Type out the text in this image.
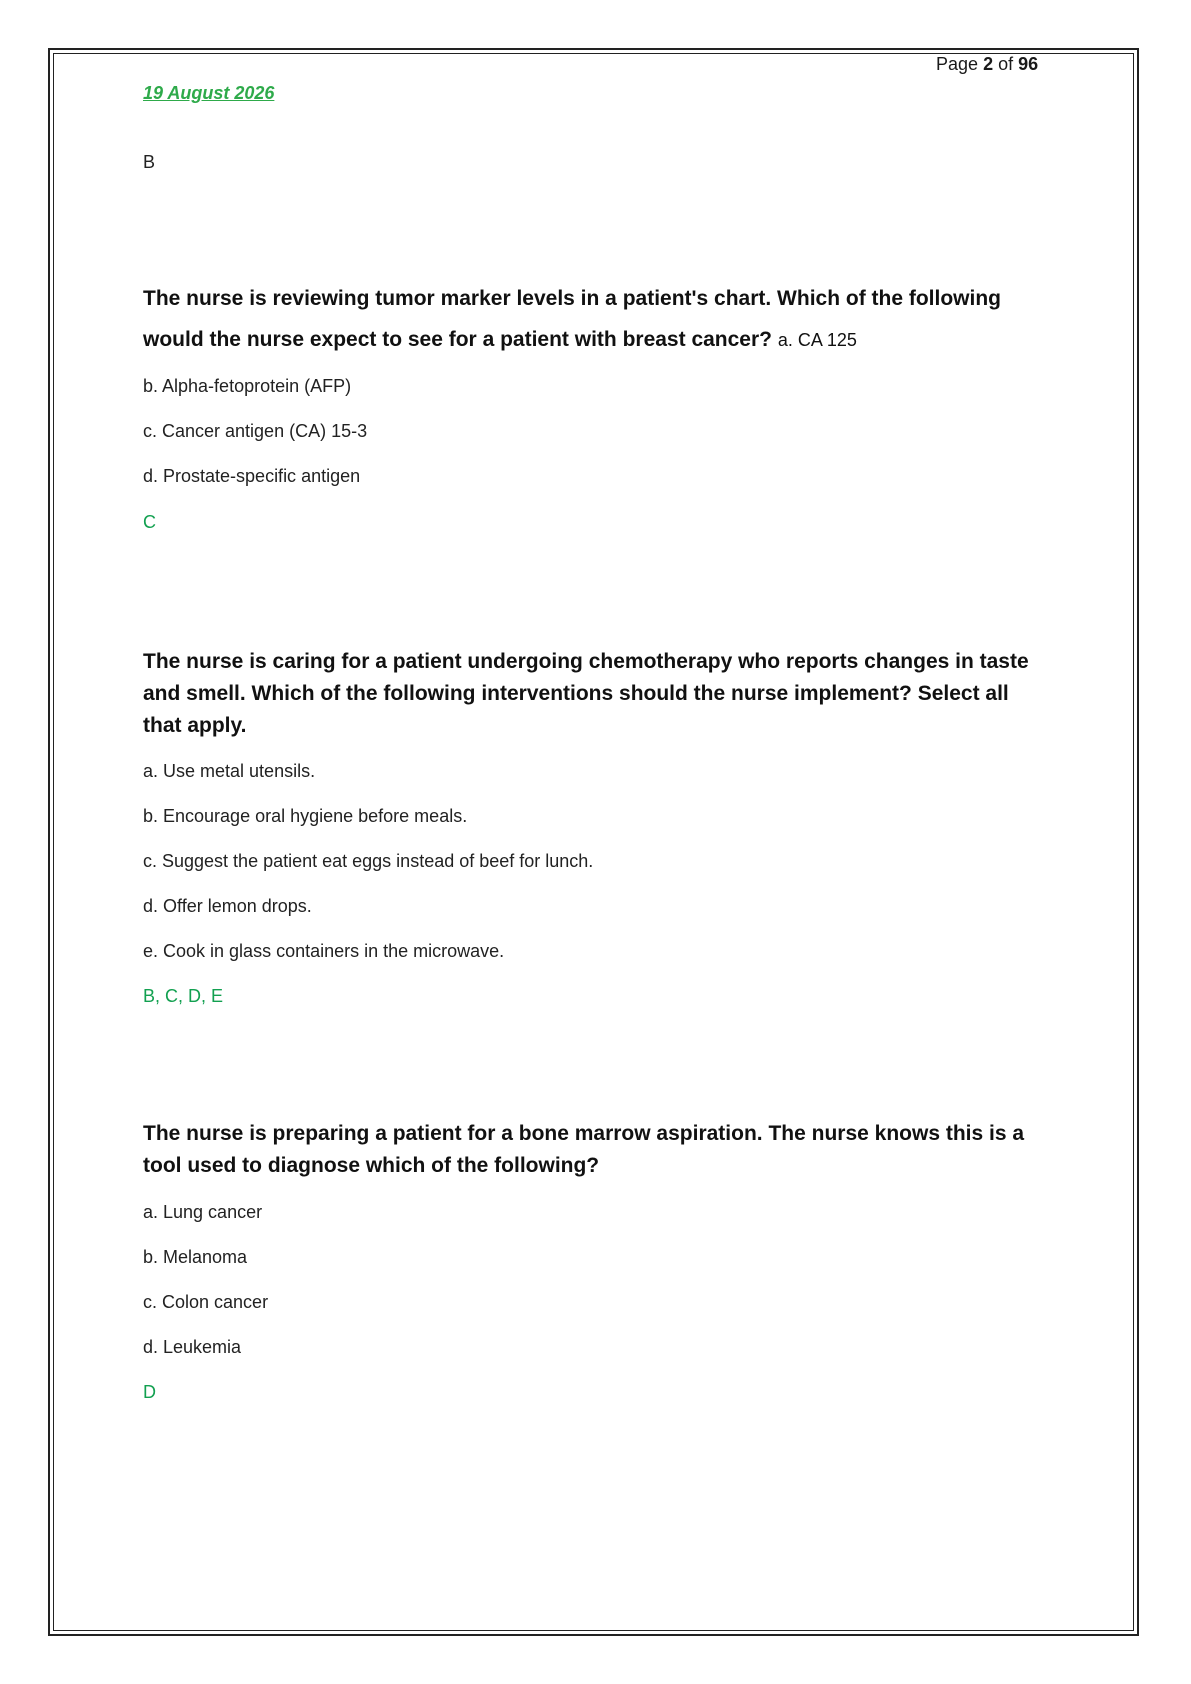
Page 2 of 96
19 August 2026
B
The nurse is reviewing tumor marker levels in a patient's chart. Which of the following
would the nurse expect to see for a patient with breast cancer? a. CA 125
b. Alpha-fetoprotein (AFP)
c. Cancer antigen (CA) 15-3
d. Prostate-specific antigen
C
The nurse is caring for a patient undergoing chemotherapy who reports changes in taste
and smell. Which of the following interventions should the nurse implement? Select all
that apply.
a. Use metal utensils.
b. Encourage oral hygiene before meals.
c. Suggest the patient eat eggs instead of beef for lunch.
d. Offer lemon drops.
e. Cook in glass containers in the microwave.
B, C, D, E
The nurse is preparing a patient for a bone marrow aspiration. The nurse knows this is a
tool used to diagnose which of the following?
a. Lung cancer
b. Melanoma
c. Colon cancer
d. Leukemia
D
